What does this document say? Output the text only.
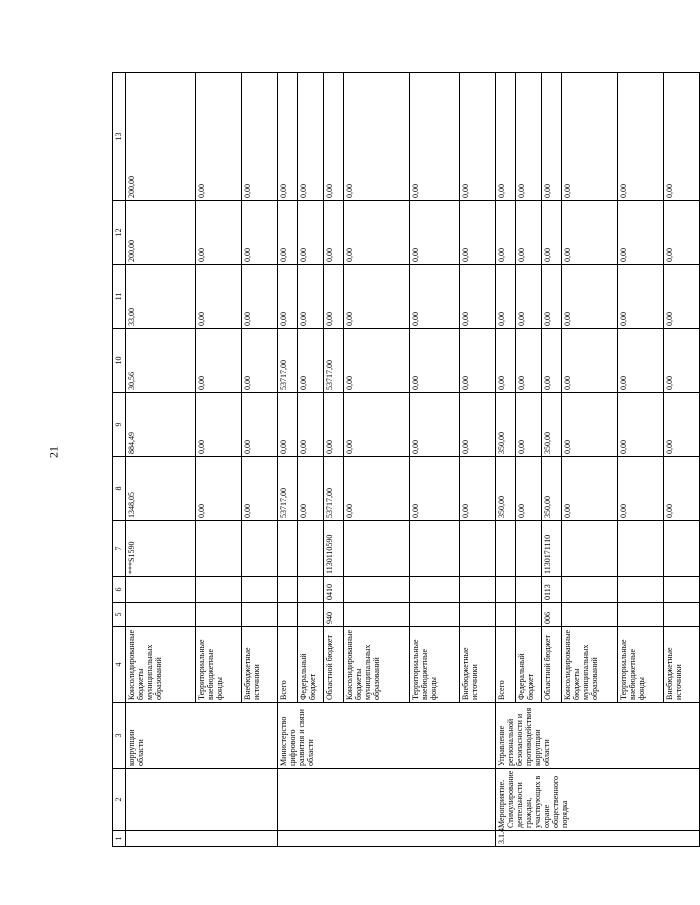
21
1	2	3	4	5	6	7	8	9	10	11	12	13
		коррупции области	Консолидированные бюджеты муниципальных образований			***S1590	1348,05	884,49	30,56	33,00	200,00	200,00
			Территориальные внебюджетные фонды				0,00	0,00	0,00	0,00	0,00	0,00
			Внебюджетные источники				0,00	0,00	0,00	0,00	0,00	0,00
		Министерство цифрового развития и связи области	Всего				53717,00	0,00	53717,00	0,00	0,00	0,00
			Федеральный бюджет				0,00	0,00	0,00	0,00	0,00	0,00
			Областной бюджет	940	0410	1130110590	53717,00	0,00	53717,00	0,00	0,00	0,00
			Консолидированные бюджеты муниципальных образований				0,00	0,00	0,00	0,00	0,00	0,00
			Территориальные внебюджетные фонды				0,00	0,00	0,00	0,00	0,00	0,00
			Внебюджетные источники				0,00	0,00	0,00	0,00	0,00	0,00
3.1.4.	Мероприятие. Стимулирование деятельности граждан, участвующих в охране общественного порядка	Управление региональной безопасности и противодействия коррупции области	Всего				350,00	350,00	0,00	0,00	0,00	0,00
			Федеральный бюджет				0,00	0,00	0,00	0,00	0,00	0,00
			Областной бюджет	006	0113	1130171110	350,00	350,00	0,00	0,00	0,00	0,00
			Консолидированные бюджеты муниципальных образований				0,00	0,00	0,00	0,00	0,00	0,00
			Территориальные внебюджетные фонды				0,00	0,00	0,00	0,00	0,00	0,00
			Внебюджетные источники				0,00	0,00	0,00	0,00	0,00	0,00
